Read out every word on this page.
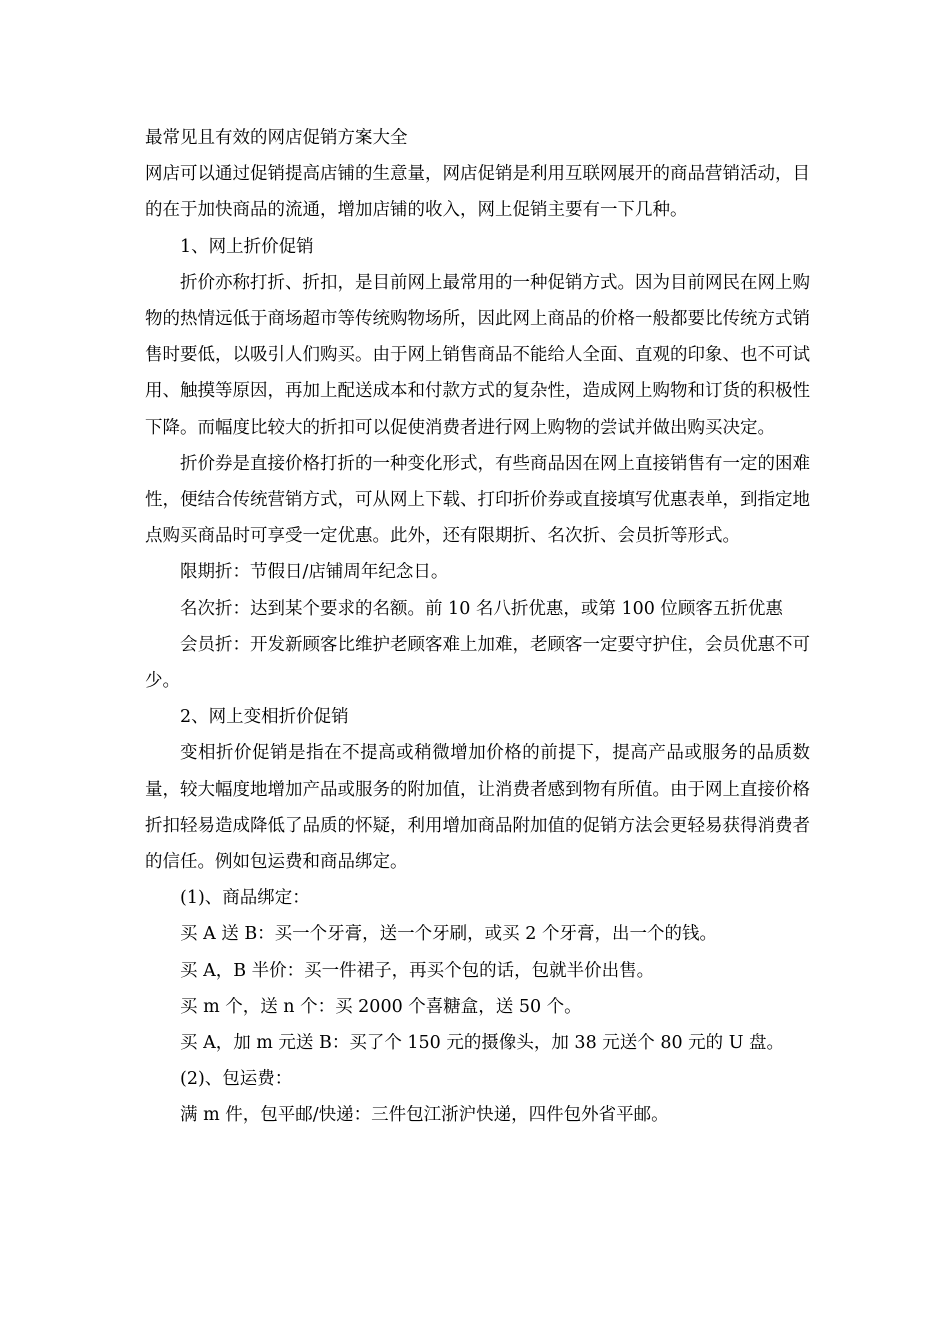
最常见且有效的网店促销方案大全

网店可以通过促销提高店铺的生意量，网店促销是利用互联网展开的商品营销活动，目的在于加快商品的流通，增加店铺的收入，网上促销主要有一下几种。

1、网上折价促销

折价亦称打折、折扣，是目前网上最常用的一种促销方式。因为目前网民在网上购物的热情远低于商场超市等传统购物场所，因此网上商品的价格一般都要比传统方式销售时要低，以吸引人们购买。由于网上销售商品不能给人全面、直观的印象、也不可试用、触摸等原因，再加上配送成本和付款方式的复杂性，造成网上购物和订货的积极性下降。而幅度比较大的折扣可以促使消费者进行网上购物的尝试并做出购买决定。

折价券是直接价格打折的一种变化形式，有些商品因在网上直接销售有一定的困难性，便结合传统营销方式，可从网上下载、打印折价券或直接填写优惠表单，到指定地点购买商品时可享受一定优惠。此外，还有限期折、名次折、会员折等形式。

限期折：节假日/店铺周年纪念日。

名次折：达到某个要求的名额。前 10 名八折优惠，或第 100 位顾客五折优惠

会员折：开发新顾客比维护老顾客难上加难，老顾客一定要守护住，会员优惠不可少。

2、网上变相折价促销

变相折价促销是指在不提高或稍微增加价格的前提下，提高产品或服务的品质数量，较大幅度地增加产品或服务的附加值，让消费者感到物有所值。由于网上直接价格折扣轻易造成降低了品质的怀疑，利用增加商品附加值的促销方法会更轻易获得消费者的信任。例如包运费和商品绑定。

(1)、商品绑定：

买 A 送 B：买一个牙膏，送一个牙刷，或买 2 个牙膏，出一个的钱。

买 A，B 半价：买一件裙子，再买个包的话，包就半价出售。

买 m 个，送 n 个：买 2000 个喜糖盒，送 50 个。

买 A，加 m 元送 B：买了个 150 元的摄像头，加 38 元送个 80 元的 U 盘。

(2)、包运费：

满 m 件，包平邮/快递：三件包江浙沪快递，四件包外省平邮。
